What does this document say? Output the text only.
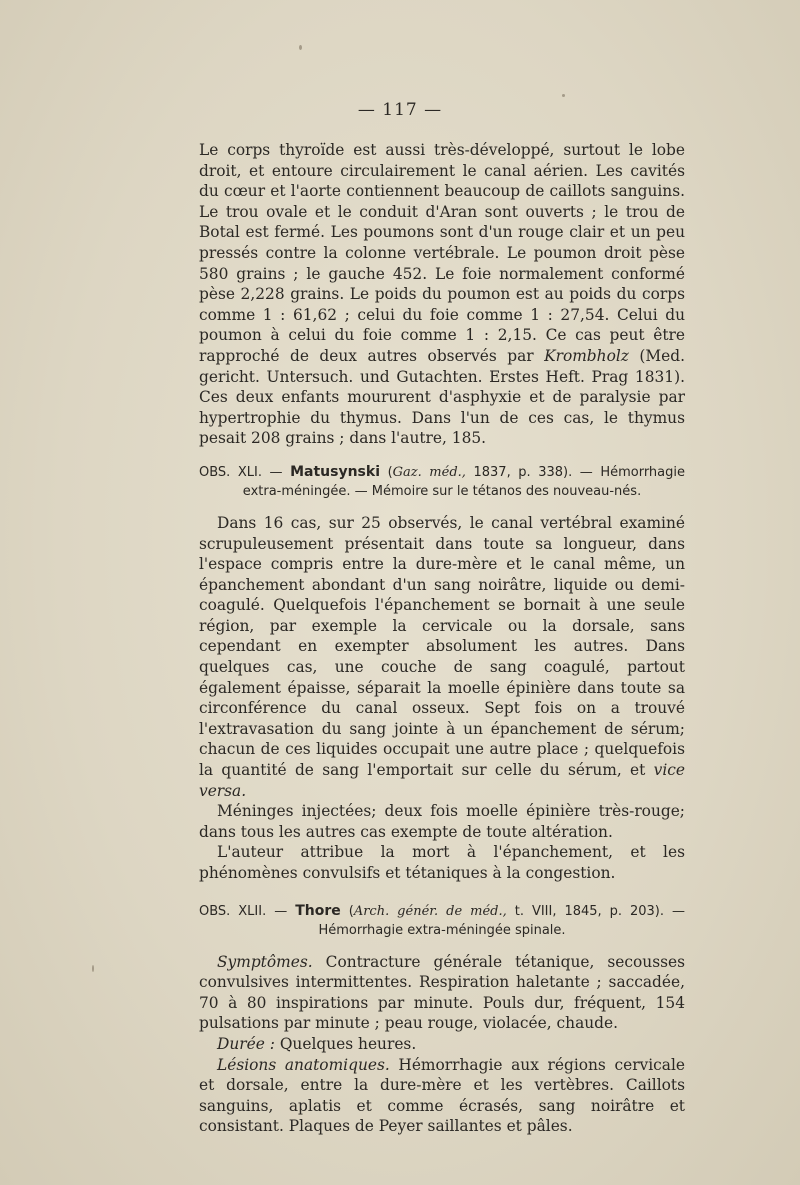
— 117 —

Le corps thyroïde est aussi très-développé, surtout le lobe droit, et entoure circulairement le canal aérien. Les cavités du cœur et l'aorte contiennent beaucoup de caillots sanguins. Le trou ovale et le conduit d'Aran sont ouverts ; le trou de Botal est fermé. Les poumons sont d'un rouge clair et un peu pressés contre la colonne vertébrale. Le poumon droit pèse 580 grains ; le gauche 452. Le foie normalement conformé pèse 2,228 grains. Le poids du poumon est au poids du corps comme 1 : 61,62 ; celui du foie comme 1 : 27,54. Celui du poumon à celui du foie comme 1 : 2,15. Ce cas peut être rapproché de deux autres observés par Krombholz (Med. gericht. Untersuch. und Gutachten. Erstes Heft. Prag 1831). Ces deux enfants moururent d'asphyxie et de paralysie par hypertrophie du thymus. Dans l'un de ces cas, le thymus pesait 208 grains ; dans l'autre, 185.

OBS. XLI. — Matusynski (Gaz. méd., 1837, p. 338). — Hémorrhagie
extra-méningée. — Mémoire sur le tétanos des nouveau-nés.

Dans 16 cas, sur 25 observés, le canal vertébral examiné scrupuleusement présentait dans toute sa longueur, dans l'espace compris entre la dure-mère et le canal même, un épanchement abondant d'un sang noirâtre, liquide ou demi-coagulé. Quelquefois l'épanchement se bornait à une seule région, par exemple la cervicale ou la dorsale, sans cependant en exempter absolument les autres. Dans quelques cas, une couche de sang coagulé, partout également épaisse, séparait la moelle épinière dans toute sa circonférence du canal osseux. Sept fois on a trouvé l'extravasation du sang jointe à un épanchement de sérum; chacun de ces liquides occupait une autre place ; quelquefois la quantité de sang l'emportait sur celle du sérum, et vice versa.

Méninges injectées; deux fois moelle épinière très-rouge; dans tous les autres cas exempte de toute altération.

L'auteur attribue la mort à l'épanchement, et les phénomènes convulsifs et tétaniques à la congestion.

OBS. XLII. — Thore (Arch. génér. de méd., t. VIII, 1845, p. 203). —
Hémorrhagie extra-méningée spinale.

Symptômes. Contracture générale tétanique, secousses convulsives intermittentes. Respiration haletante ; saccadée, 70 à 80 inspirations par minute. Pouls dur, fréquent, 154 pulsations par minute ; peau rouge, violacée, chaude.

Durée : Quelques heures.

Lésions anatomiques. Hémorrhagie aux régions cervicale et dorsale, entre la dure-mère et les vertèbres. Caillots sanguins, aplatis et comme écrasés, sang noirâtre et consistant. Plaques de Peyer saillantes et pâles.
